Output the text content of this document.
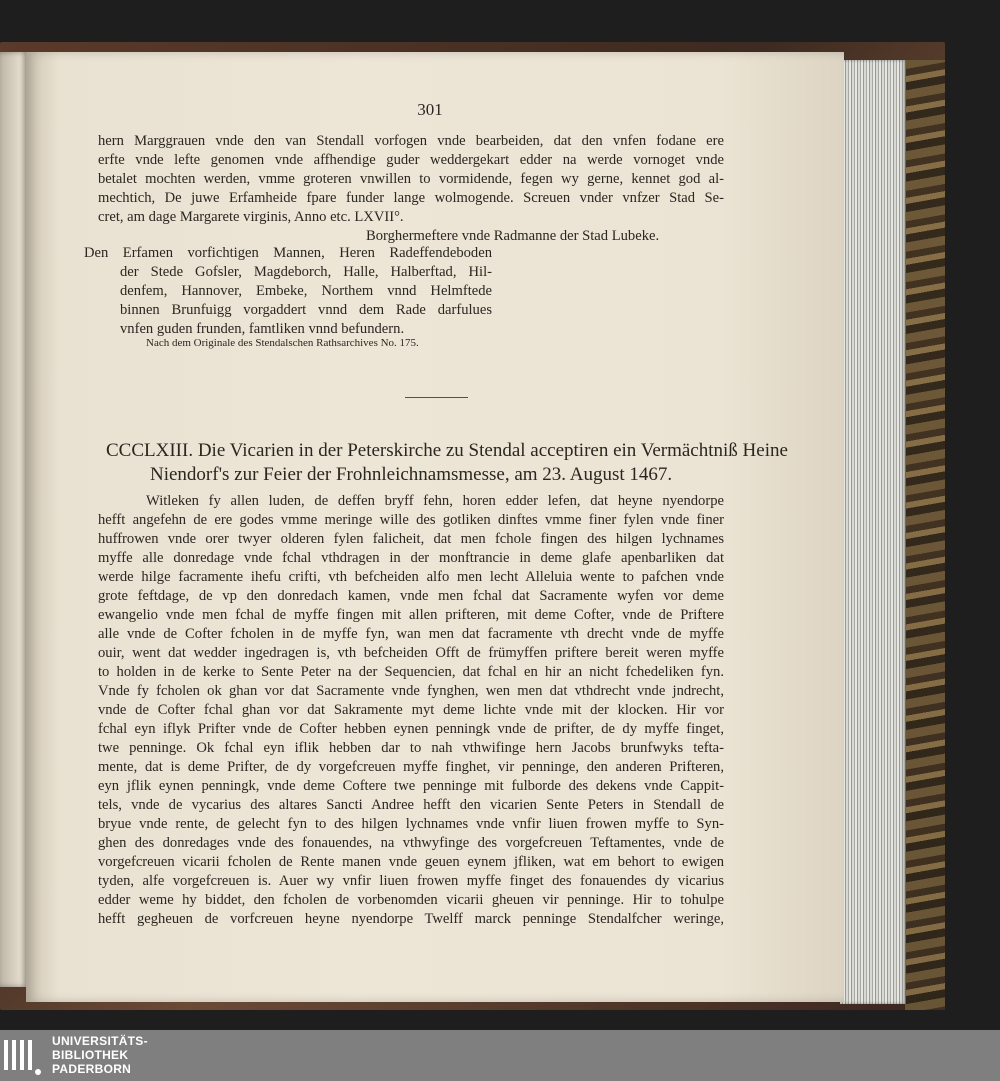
301
hern Marggrauen vnde den van Stendall vorfogen vnde bearbeiden, dat den vnfen fodane ere
erfte vnde lefte genomen vnde affhendige guder weddergekart edder na werde vornoget vnde
betalet mochten werden, vmme groteren vnwillen to vormidende, fegen wy gerne, kennet god al-
mechtich, De juwe Erfamheide fpare funder lange wolmogende. Screuen vnder vnfzer Stad Se-
cret, am dage Margarete virginis, Anno etc. LXVII°.
Borghermeftere vnde Radmanne der Stad Lubeke.
Den Erfamen vorfichtigen Mannen, Heren Radeffendeboden
der Stede Gofsler, Magdeborch, Halle, Halberftad, Hil-
denfem, Hannover, Embeke, Northem vnnd Helmftede
binnen Brunfuigg vorgaddert vnnd dem Rade darfulues
vnfen guden frunden, famtliken vnnd befundern.
Nach dem Originale des Stendalschen Rathsarchives No. 175.
CCCLXIII. Die Vicarien in der Peterskirche zu Stendal acceptiren ein Vermächtniß Heine
Niendorf's zur Feier der Frohnleichnamsmesse, am 23. August 1467.
Witleken fy allen luden, de deffen bryff fehn, horen edder lefen, dat heyne nyendorpe
hefft angefehn de ere godes vmme meringe wille des gotliken dinftes vmme finer fylen vnde finer
huffrowen vnde orer twyer olderen fylen falicheit, dat men fchole fingen des hilgen lychnames
myffe alle donredage vnde fchal vthdragen in der monftrancie in deme glafe apenbarliken dat
werde hilge facramente ihefu crifti, vth befcheiden alfo men lecht Alleluia wente to pafchen vnde
grote feftdage, de vp den donredach kamen, vnde men fchal dat Sacramente wyfen vor deme
ewangelio vnde men fchal de myffe fingen mit allen prifteren, mit deme Cofter, vnde de Priftere
alle vnde de Cofter fcholen in de myffe fyn, wan men dat facramente vth drecht vnde de myffe
ouir, went dat wedder ingedragen is, vth befcheiden Offt de frümyffen priftere bereit weren myffe
to holden in de kerke to Sente Peter na der Sequencien, dat fchal en hir an nicht fchedeliken fyn.
Vnde fy fcholen ok ghan vor dat Sacramente vnde fynghen, wen men dat vthdrecht vnde jndrecht,
vnde de Cofter fchal ghan vor dat Sakramente myt deme lichte vnde mit der klocken. Hir vor
fchal eyn iflyk Prifter vnde de Cofter hebben eynen penningk vnde de prifter, de dy myffe finget,
twe penninge. Ok fchal eyn iflik hebben dar to nah vthwifinge hern Jacobs brunfwyks tefta-
mente, dat is deme Prifter, de dy vorgefcreuen myffe finghet, vir penninge, den anderen Prifteren,
eyn jflik eynen penningk, vnde deme Coftere twe penninge mit fulborde des dekens vnde Cappit-
tels, vnde de vycarius des altares Sancti Andree hefft den vicarien Sente Peters in Stendall de
bryue vnde rente, de gelecht fyn to des hilgen lychnames vnde vnfir liuen frowen myffe to Syn-
ghen des donredages vnde des fonauendes, na vthwyfinge des vorgefcreuen Teftamentes, vnde de
vorgefcreuen vicarii fcholen de Rente manen vnde geuen eynem jfliken, wat em behort to ewigen
tyden, alfe vorgefcreuen is. Auer wy vnfir liuen frowen myffe finget des fonauendes dy vicarius
edder weme hy biddet, den fcholen de vorbenomden vicarii gheuen vir penninge. Hir to tohulpe
hefft gegheuen de vorfcreuen heyne nyendorpe Twelff marck penninge Stendalfcher weringe,
UNIVERSITÄTS-
BIBLIOTHEK
PADERBORN
